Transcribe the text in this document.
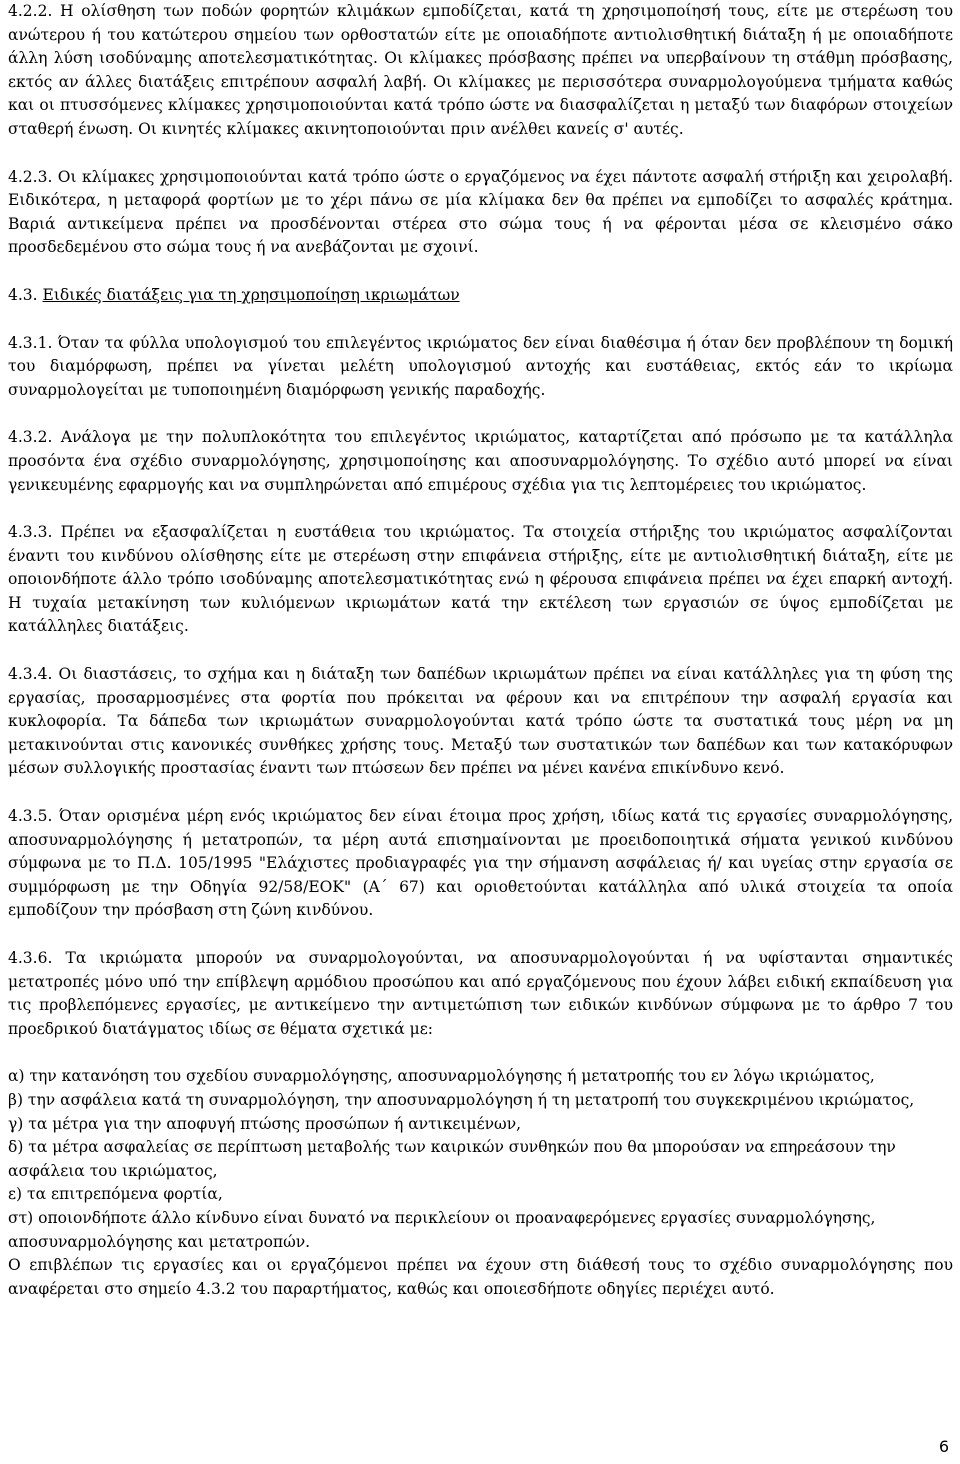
4.2.2. Η ολίσθηση των ποδών φορητών κλιμάκων εμποδίζεται, κατά τη χρησιμοποίησή τους, είτε με στερέωση του ανώτερου ή του κατώτερου σημείου των ορθοστατών είτε με οποιαδήποτε αντιολισθητική διάταξη ή με οποιαδήποτε άλλη λύση ισοδύναμης αποτελεσματικότητας. Οι κλίμακες πρόσβασης πρέπει να υπερβαίνουν τη στάθμη πρόσβασης, εκτός αν άλλες διατάξεις επιτρέπουν ασφαλή λαβή. Οι κλίμακες με περισσότερα συναρμολογούμενα τμήματα καθώς και οι πτυσσόμενες κλίμακες χρησιμοποιούνται κατά τρόπο ώστε να διασφαλίζεται η μεταξύ των διαφόρων στοιχείων σταθερή ένωση. Οι κινητές κλίμακες ακινητοποιούνται πριν ανέλθει κανείς σ' αυτές.

4.2.3. Οι κλίμακες χρησιμοποιούνται κατά τρόπο ώστε ο εργαζόμενος να έχει πάντοτε ασφαλή στήριξη και χειρολαβή. Ειδικότερα, η μεταφορά φορτίων με το χέρι πάνω σε μία κλίμακα δεν θα πρέπει να εμποδίζει το ασφαλές κράτημα. Βαριά αντικείμενα πρέπει να προσδένονται στέρεα στο σώμα τους ή να φέρονται μέσα σε κλεισμένο σάκο προσδεδεμένου στο σώμα τους ή να ανεβάζονται με σχοινί.

4.3. Ειδικές διατάξεις για τη χρησιμοποίηση ικριωμάτων

4.3.1. Όταν τα φύλλα υπολογισμού του επιλεγέντος ικριώματος δεν είναι διαθέσιμα ή όταν δεν προβλέπουν τη δομική του διαμόρφωση, πρέπει να γίνεται μελέτη υπολογισμού αντοχής και ευστάθειας, εκτός εάν το ικρίωμα συναρμολογείται με τυποποιημένη διαμόρφωση γενικής παραδοχής.

4.3.2. Ανάλογα με την πολυπλοκότητα του επιλεγέντος ικριώματος, καταρτίζεται από πρόσωπο με τα κατάλληλα προσόντα ένα σχέδιο συναρμολόγησης, χρησιμοποίησης και αποσυναρμολόγησης. Το σχέδιο αυτό μπορεί να είναι γενικευμένης εφαρμογής και να συμπληρώνεται από επιμέρους σχέδια για τις λεπτομέρειες του ικριώματος.

4.3.3. Πρέπει να εξασφαλίζεται η ευστάθεια του ικριώματος. Τα στοιχεία στήριξης του ικριώματος ασφαλίζονται έναντι του κινδύνου ολίσθησης είτε με στερέωση στην επιφάνεια στήριξης, είτε με αντιολισθητική διάταξη, είτε με οποιονδήποτε άλλο τρόπο ισοδύναμης αποτελεσματικότητας ενώ η φέρουσα επιφάνεια πρέπει να έχει επαρκή αντοχή. Η τυχαία μετακίνηση των κυλιόμενων ικριωμάτων κατά την εκτέλεση των εργασιών σε ύψος εμποδίζεται με κατάλληλες διατάξεις.

4.3.4. Οι διαστάσεις, το σχήμα και η διάταξη των δαπέδων ικριωμάτων πρέπει να είναι κατάλληλες για τη φύση της εργασίας, προσαρμοσμένες στα φορτία που πρόκειται να φέρουν και να επιτρέπουν την ασφαλή εργασία και κυκλοφορία. Τα δάπεδα των ικριωμάτων συναρμολογούνται κατά τρόπο ώστε τα συστατικά τους μέρη να μη μετακινούνται στις κανονικές συνθήκες χρήσης τους. Μεταξύ των συστατικών των δαπέδων και των κατακόρυφων μέσων συλλογικής προστασίας έναντι των πτώσεων δεν πρέπει να μένει κανένα επικίνδυνο κενό.

4.3.5. Όταν ορισμένα μέρη ενός ικριώματος δεν είναι έτοιμα προς χρήση, ιδίως κατά τις εργασίες συναρμολόγησης, αποσυναρμολόγησης ή μετατροπών, τα μέρη αυτά επισημαίνονται με προειδοποιητικά σήματα γενικού κινδύνου σύμφωνα με το Π.Δ. 105/1995 "Ελάχιστες προδιαγραφές για την σήμανση ασφάλειας ή/ και υγείας στην εργασία σε συμμόρφωση με την Οδηγία 92/58/ΕΟΚ" (Α΄ 67) και οριοθετούνται κατάλληλα από υλικά στοιχεία τα οποία εμποδίζουν την πρόσβαση στη ζώνη κινδύνου.

4.3.6. Τα ικριώματα μπορούν να συναρμολογούνται, να αποσυναρμολογούνται ή να υφίστανται σημαντικές μετατροπές μόνο υπό την επίβλεψη αρμόδιου προσώπου και από εργαζόμενους που έχουν λάβει ειδική εκπαίδευση για τις προβλεπόμενες εργασίες, με αντικείμενο την αντιμετώπιση των ειδικών κινδύνων σύμφωνα με το άρθρο 7 του προεδρικού διατάγματος ιδίως σε θέματα σχετικά με:

α) την κατανόηση του σχεδίου συναρμολόγησης, αποσυναρμολόγησης ή μετατροπής του εν λόγω ικριώματος,

β) την ασφάλεια κατά τη συναρμολόγηση, την αποσυναρμολόγηση ή τη μετατροπή του συγκεκριμένου ικριώματος,

γ) τα μέτρα για την αποφυγή πτώσης προσώπων ή αντικειμένων,

δ) τα μέτρα ασφαλείας σε περίπτωση μεταβολής των καιρικών συνθηκών που θα μπορούσαν να επηρεάσουν την ασφάλεια του ικριώματος,

ε) τα επιτρεπόμενα φορτία,

στ) οποιονδήποτε άλλο κίνδυνο είναι δυνατό να περικλείουν οι προαναφερόμενες εργασίες συναρμολόγησης, αποσυναρμολόγησης και μετατροπών.

Ο επιβλέπων τις εργασίες και οι εργαζόμενοι πρέπει να έχουν στη διάθεσή τους το σχέδιο συναρμολόγησης που αναφέρεται στο σημείο 4.3.2 του παραρτήματος, καθώς και οποιεσδήποτε οδηγίες περιέχει αυτό.

6
